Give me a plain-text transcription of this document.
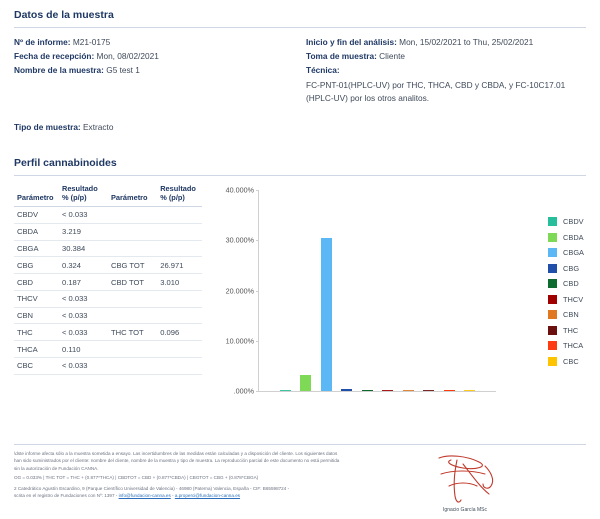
Datos de la muestra
Nº de informe: M21-0175
Fecha de recepción: Mon, 08/02/2021
Nombre de la muestra: G5 test 1
Inicio y fin del análisis: Mon, 15/02/2021 to Thu, 25/02/2021
Toma de muestra: Cliente
Técnica:
FC-PNT-01(HPLC-UV) por THC, THCA, CBD y CBDA, y FC-10C17.01 (HPLC-UV) por los otros analitos.
Tipo de muestra: Extracto
Perfil cannabinoides
Parámetro	Resultado % (p/p)	Parámetro	Resultado % (p/p)
CBDV	< 0.033		
CBDA	3.219		
CBGA	30.384		
CBG	0.324	CBG TOT	26.971
CBD	0.187	CBD TOT	3.010
THCV	< 0.033		
CBN	< 0.033		
THC	< 0.033	THC TOT	0.096
THCA	0.110		
CBC	< 0.033		
40.000%
30.000%
20.000%
10.000%
.000%
CBDV
CBDA
CBGA
CBG
CBD
THCV
CBN
THC
THCA
CBC
\dste informe afecta sólo a la muestra sometida a ensayo. Las incertidumbres de las medidas están calculadas y a disposición del cliente. Los siguientes datos han sido suministrados por el cliente: nombre del cliente, nombre de la muestra y tipo de muestra. La reproducción parcial de este documento no está permitida sin la autorización de Fundación CANNA.
OG = 0.033% | THC TOT = THC + (0.877*THCA) | CBDTOT = CBD + (0.877*CBDA) | CBGTOT = CBG + (0.878*CBGA)
2 Catedrático Agustín Escardino, 9 (Parque Científico Universidad de Valencia) - 46980 (Paterna) Valencia, España - CIF: B65598724 -
scrita en el registro de Fundaciones con Nº: 1397 - info@fundacion-canna.es - a.properci@fundacion-canna.es
Ignacio García MSc
